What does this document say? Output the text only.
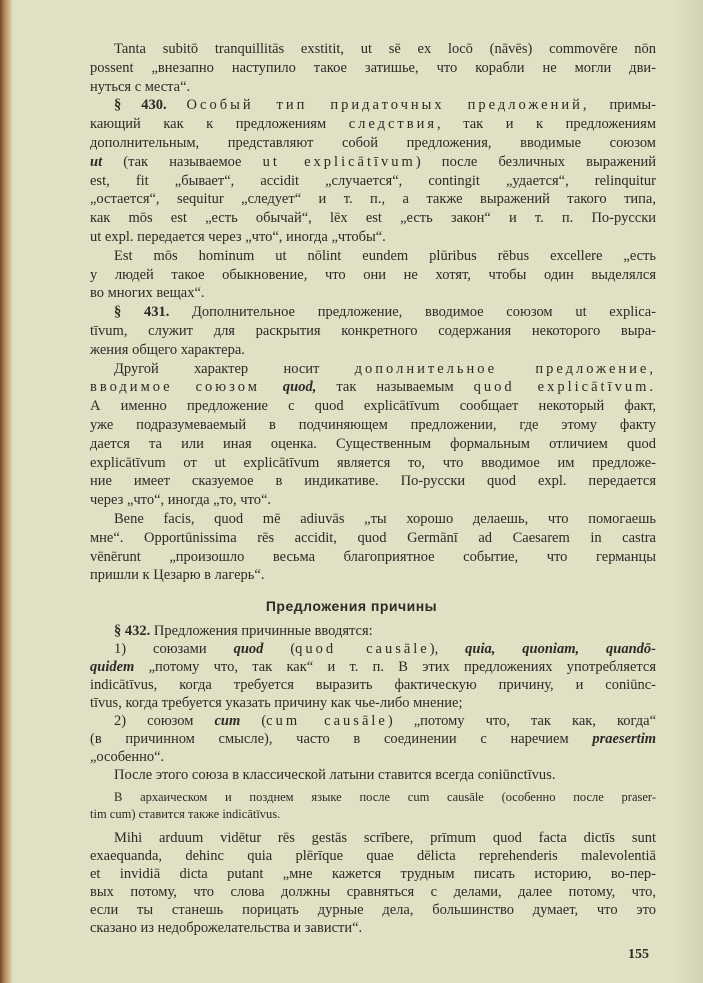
Tanta subitō tranquillitās exstitit, ut sē ex locō (nāvēs) commovēre nōn
possent „внезапно наступило такое затишье, что корабли не могли дви-
нуться с места“.
§ 430. Особый тип придаточных предложений, примы-
кающий как к предложениям следствия, так и к предложениям
дополнительным, представляют собой предложения, вводимые союзом
ut (так называемое ut explicātīvum) после безличных выражений
est, fit „бывает“, accidit „случается“, contingit „удается“, relinquitur
„остается“, sequitur „следует“ и т. п., а также выражений такого типа,
как mōs est „есть обычай“, lēx est „есть закон“ и т. п. По-русски
ut expl. передается через „что“, иногда „чтобы“.
Est mōs hominum ut nōlint eundem plūribus rēbus excellere „есть
у людей такое обыкновение, что они не хотят, чтобы один выделялся
во многих вещах“.
§ 431. Дополнительное предложение, вводимое союзом ut explica-
tīvum, служит для раскрытия конкретного содержания некоторого выра-
жения общего характера.
Другой характер носит дополнительное предложение,
вводимое союзом quod, так называемым quod explicātīvum.
А именно предложение с quod explicātīvum сообщает некоторый факт,
уже подразумеваемый в подчиняющем предложении, где этому факту
дается та или иная оценка. Существенным формальным отличием quod
explicātīvum от ut explicātīvum является то, что вводимое им предложе-
ние имеет сказуемое в индикативе. По-русски quod expl. передается
через „что“, иногда „то, что“.
Bene facis, quod mē adiuvās „ты хорошо делаешь, что помогаешь
мне“. Opportūnissima rēs accidit, quod Germānī ad Caesarem in castra
vēnērunt „произошло весьма благоприятное событие, что германцы
пришли к Цезарю в лагерь“.
Предложения причины
§ 432. Предложения причинные вводятся:
1) союзами quod (quod causāle), quia, quoniam, quandō-
quidem „потому что, так как“ и т. п. В этих предложениях употребляется
indicātīvus, когда требуется выразить фактическую причину, и coniūnc-
tīvus, когда требуется указать причину как чье-либо мнение;
2) союзом cum (cum causāle) „потому что, так как, когда“
(в причинном смысле), часто в соединении с наречием praesertim
„особенно“.
После этого союза в классической латыни ставится всегда coniūnctīvus.
В архаическом и позднем языке после cum causāle (особенно после praser-
tim cum) ставится также indicātīvus.
Mihi arduum vidētur rēs gestās scrībere, prīmum quod facta dictīs sunt
exaequanda, dehinc quia plērīque quae dēlicta reprehenderis malevolentiā
et invidiā dicta putant „мне кажется трудным писать историю, во-пер-
вых потому, что слова должны сравняться с делами, далее потому, что,
если ты станешь порицать дурные дела, большинство думает, что это
сказано из недоброжелательства и зависти“.
155
